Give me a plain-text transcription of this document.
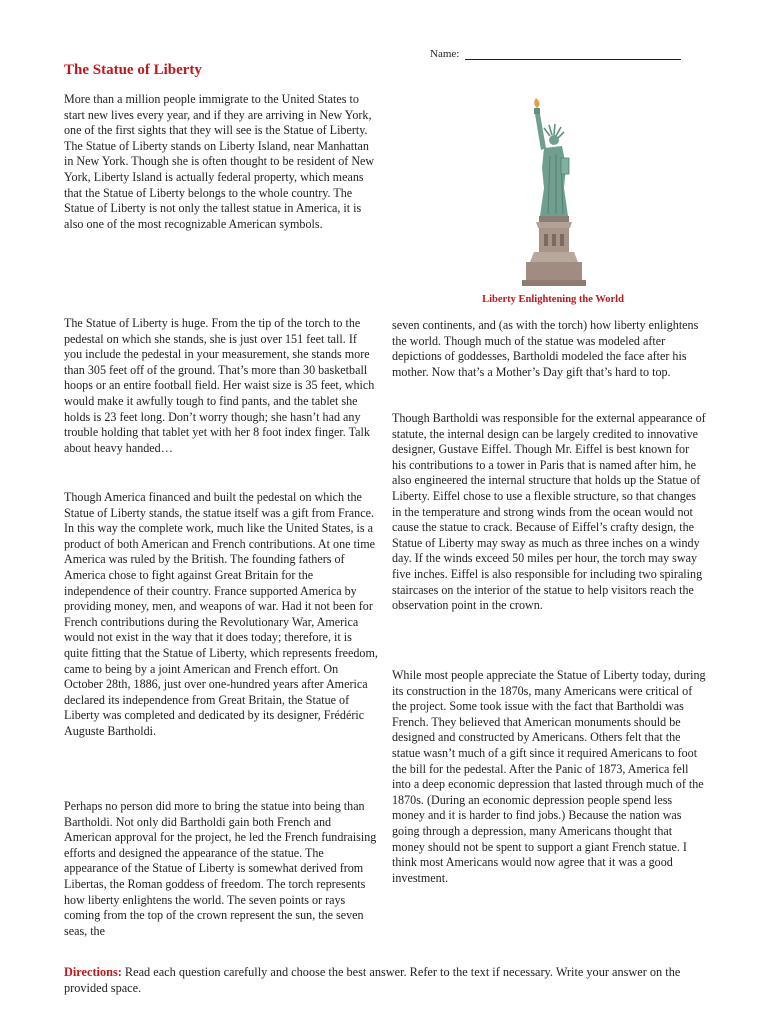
Name:
The Statue of Liberty

More than a million people immigrate to the United States to start new lives every year, and if they are arriving in New York, one of the first sights that they will see is the Statue of Liberty. The Statue of Liberty stands on Liberty Island, near Manhattan in New York. Though she is often thought to be resident of New York, Liberty Island is actually federal property, which means that the Statue of Liberty belongs to the whole country. The Statue of Liberty is not only the tallest statue in America, it is also one of the most recognizable American symbols.

Liberty Enlightening the World

The Statue of Liberty is huge. From the tip of the torch to the pedestal on which she stands, she is just over 151 feet tall. If you include the pedestal in your measurement, she stands more than 305 feet off of the ground. That’s more than 30 basketball hoops or an entire football field. Her waist size is 35 feet, which would make it awfully tough to find pants, and the tablet she holds is 23 feet long. Don’t worry though; she hasn’t had any trouble holding that tablet yet with her 8 foot index finger. Talk about heavy handed…

Though America financed and built the pedestal on which the Statue of Liberty stands, the statue itself was a gift from France. In this way the complete work, much like the United States, is a product of both American and French contributions. At one time America was ruled by the British. The founding fathers of America chose to fight against Great Britain for the independence of their country. France supported America by providing money, men, and weapons of war. Had it not been for French contributions during the Revolutionary War, America would not exist in the way that it does today; therefore, it is quite fitting that the Statue of Liberty, which represents freedom, came to being by a joint American and French effort. On October 28th, 1886, just over one-hundred years after America declared its independence from Great Britain, the Statue of Liberty was completed and dedicated by its designer, Frédéric Auguste Bartholdi.

Perhaps no person did more to bring the statue into being than Bartholdi. Not only did Bartholdi gain both French and American approval for the project, he led the French fundraising efforts and designed the appearance of the statue. The appearance of the Statue of Liberty is somewhat derived from Libertas, the Roman goddess of freedom. The torch represents how liberty enlightens the world. The seven points or rays coming from the top of the crown represent the sun, the seven seas, the

seven continents, and (as with the torch) how liberty enlightens the world. Though much of the statue was modeled after depictions of goddesses, Bartholdi modeled the face after his mother. Now that’s a Mother’s Day gift that’s hard to top.

Though Bartholdi was responsible for the external appearance of statute, the internal design can be largely credited to innovative designer, Gustave Eiffel. Though Mr. Eiffel is best known for his contributions to a tower in Paris that is named after him, he also engineered the internal structure that holds up the Statue of Liberty. Eiffel chose to use a flexible structure, so that changes in the temperature and strong winds from the ocean would not cause the statue to crack. Because of Eiffel’s crafty design, the Statue of Liberty may sway as much as three inches on a windy day. If the winds exceed 50 miles per hour, the torch may sway five inches. Eiffel is also responsible for including two spiraling staircases on the interior of the statue to help visitors reach the observation point in the crown.

While most people appreciate the Statue of Liberty today, during its construction in the 1870s, many Americans were critical of the project. Some took issue with the fact that Bartholdi was French. They believed that American monuments should be designed and constructed by Americans. Others felt that the statue wasn’t much of a gift since it required Americans to foot the bill for the pedestal. After the Panic of 1873, America fell into a deep economic depression that lasted through much of the 1870s. (During an economic depression people spend less money and it is harder to find jobs.) Because the nation was going through a depression, many Americans thought that money should not be spent to support a giant French statue. I think most Americans would now agree that it was a good investment.

Directions: Read each question carefully and choose the best answer. Refer to the text if necessary. Write your answer on the provided space.
